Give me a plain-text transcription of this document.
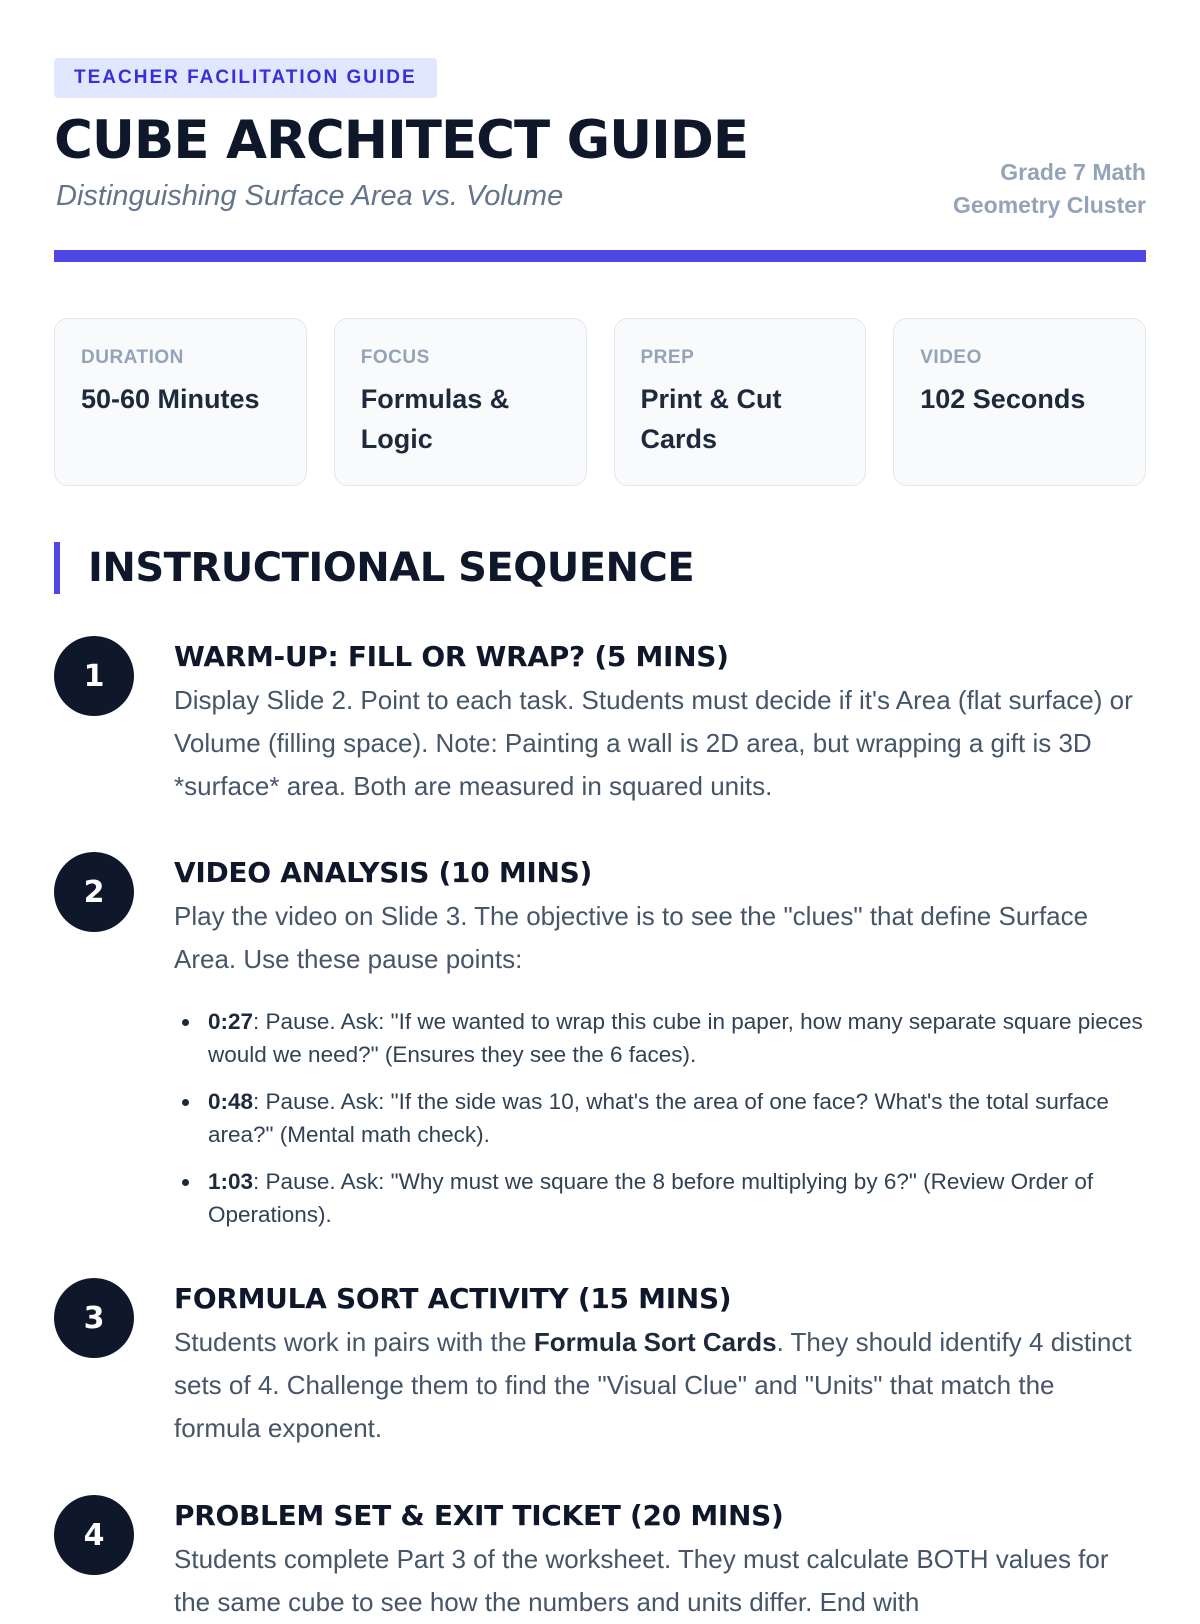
TEACHER FACILITATION GUIDE
CUBE ARCHITECT GUIDE
Distinguishing Surface Area vs. Volume
Grade 7 Math
Geometry Cluster
DURATION
50-60 Minutes
FOCUS
Formulas & Logic
PREP
Print & Cut Cards
VIDEO
102 Seconds
INSTRUCTIONAL SEQUENCE
1
WARM-UP: FILL OR WRAP? (5 MINS)

Display Slide 2. Point to each task. Students must decide if it's Area (flat surface) or Volume (filling space). Note: Painting a wall is 2D area, but wrapping a gift is 3D *surface* area. Both are measured in squared units.

2
VIDEO ANALYSIS (10 MINS)

Play the video on Slide 3. The objective is to see the "clues" that define Surface Area. Use these pause points:

0:27: Pause. Ask: "If we wanted to wrap this cube in paper, how many separate square pieces would we need?" (Ensures they see the 6 faces).
0:48: Pause. Ask: "If the side was 10, what's the area of one face? What's the total surface area?" (Mental math check).
1:03: Pause. Ask: "Why must we square the 8 before multiplying by 6?" (Review Order of Operations).
3
FORMULA SORT ACTIVITY (15 MINS)

Students work in pairs with the Formula Sort Cards. They should identify 4 distinct sets of 4. Challenge them to find the "Visual Clue" and "Units" that match the formula exponent.

4
PROBLEM SET & EXIT TICKET (20 MINS)

Students complete Part 3 of the worksheet. They must calculate BOTH values for the same cube to see how the numbers and units differ. End with
